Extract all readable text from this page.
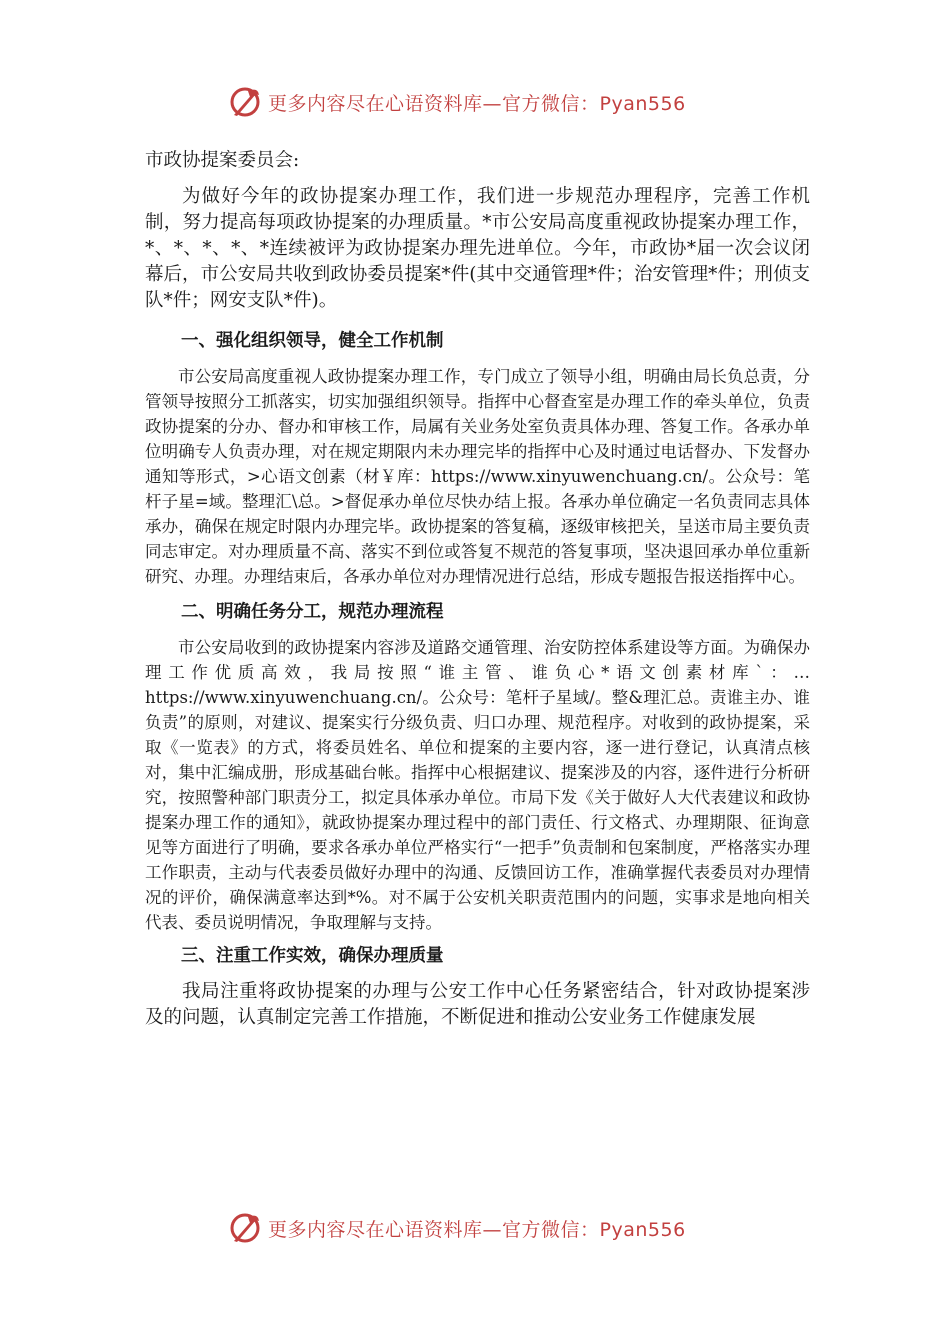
更多内容尽在心语资料库—官方微信：Pyan556

市政协提案委员会:

为做好今年的政协提案办理工作，我们进一步规范办理程序，完善工作机制，努力提高每项政协提案的办理质量。*市公安局高度重视政协提案办理工作，*、*、*、*、*连续被评为政协提案办理先进单位。今年，市政协*届一次会议闭幕后，市公安局共收到政协委员提案*件(其中交通管理*件；治安管理*件；刑侦支队*件；网安支队*件)。

一、强化组织领导，健全工作机制

市公安局高度重视人政协提案办理工作，专门成立了领导小组，明确由局长负总责，分管领导按照分工抓落实，切实加强组织领导。指挥中心督查室是办理工作的牵头单位，负责政协提案的分办、督办和审核工作，局属有关业务处室负责具体办理、答复工作。各承办单位明确专人负责办理，对在规定期限内未办理完毕的指挥中心及时通过电话督办、下发督办通知等形式，>心语文创素（材￥库：https://www.xinyuwenchuang.cn/。公众号：笔杆子星=域。整理汇\总。>督促承办单位尽快办结上报。各承办单位确定一名负责同志具体承办，确保在规定时限内办理完毕。政协提案的答复稿，逐级审核把关，呈送市局主要负责同志审定。对办理质量不高、落实不到位或答复不规范的答复事项，坚决退回承办单位重新研究、办理。办理结束后，各承办单位对办理情况进行总结，形成专题报告报送指挥中心。

二、明确任务分工，规范办理流程

市公安局收到的政协提案内容涉及道路交通管理、治安防控体系建设等方面。为确保办理工作优质高效，我局按照“谁主管、谁负心*语文创素材库`：…https://www.xinyuwenchuang.cn/。公众号：笔杆子星域/。整&理汇总。责谁主办、谁负责”的原则，对建议、提案实行分级负责、归口办理、规范程序。对收到的政协提案，采取《一览表》的方式，将委员姓名、单位和提案的主要内容，逐一进行登记，认真清点核对，集中汇编成册，形成基础台帐。指挥中心根据建议、提案涉及的内容，逐件进行分析研究，按照警种部门职责分工，拟定具体承办单位。市局下发《关于做好人大代表建议和政协提案办理工作的通知》，就政协提案办理过程中的部门责任、行文格式、办理期限、征询意见等方面进行了明确，要求各承办单位严格实行“一把手”负责制和包案制度，严格落实办理工作职责，主动与代表委员做好办理中的沟通、反馈回访工作，准确掌握代表委员对办理情况的评价，确保满意率达到*%。对不属于公安机关职责范围内的问题，实事求是地向相关代表、委员说明情况，争取理解与支持。

三、注重工作实效，确保办理质量

我局注重将政协提案的办理与公安工作中心任务紧密结合，针对政协提案涉及的问题，认真制定完善工作措施，不断促进和推动公安业务工作健康发展

更多内容尽在心语资料库—官方微信：Pyan556
